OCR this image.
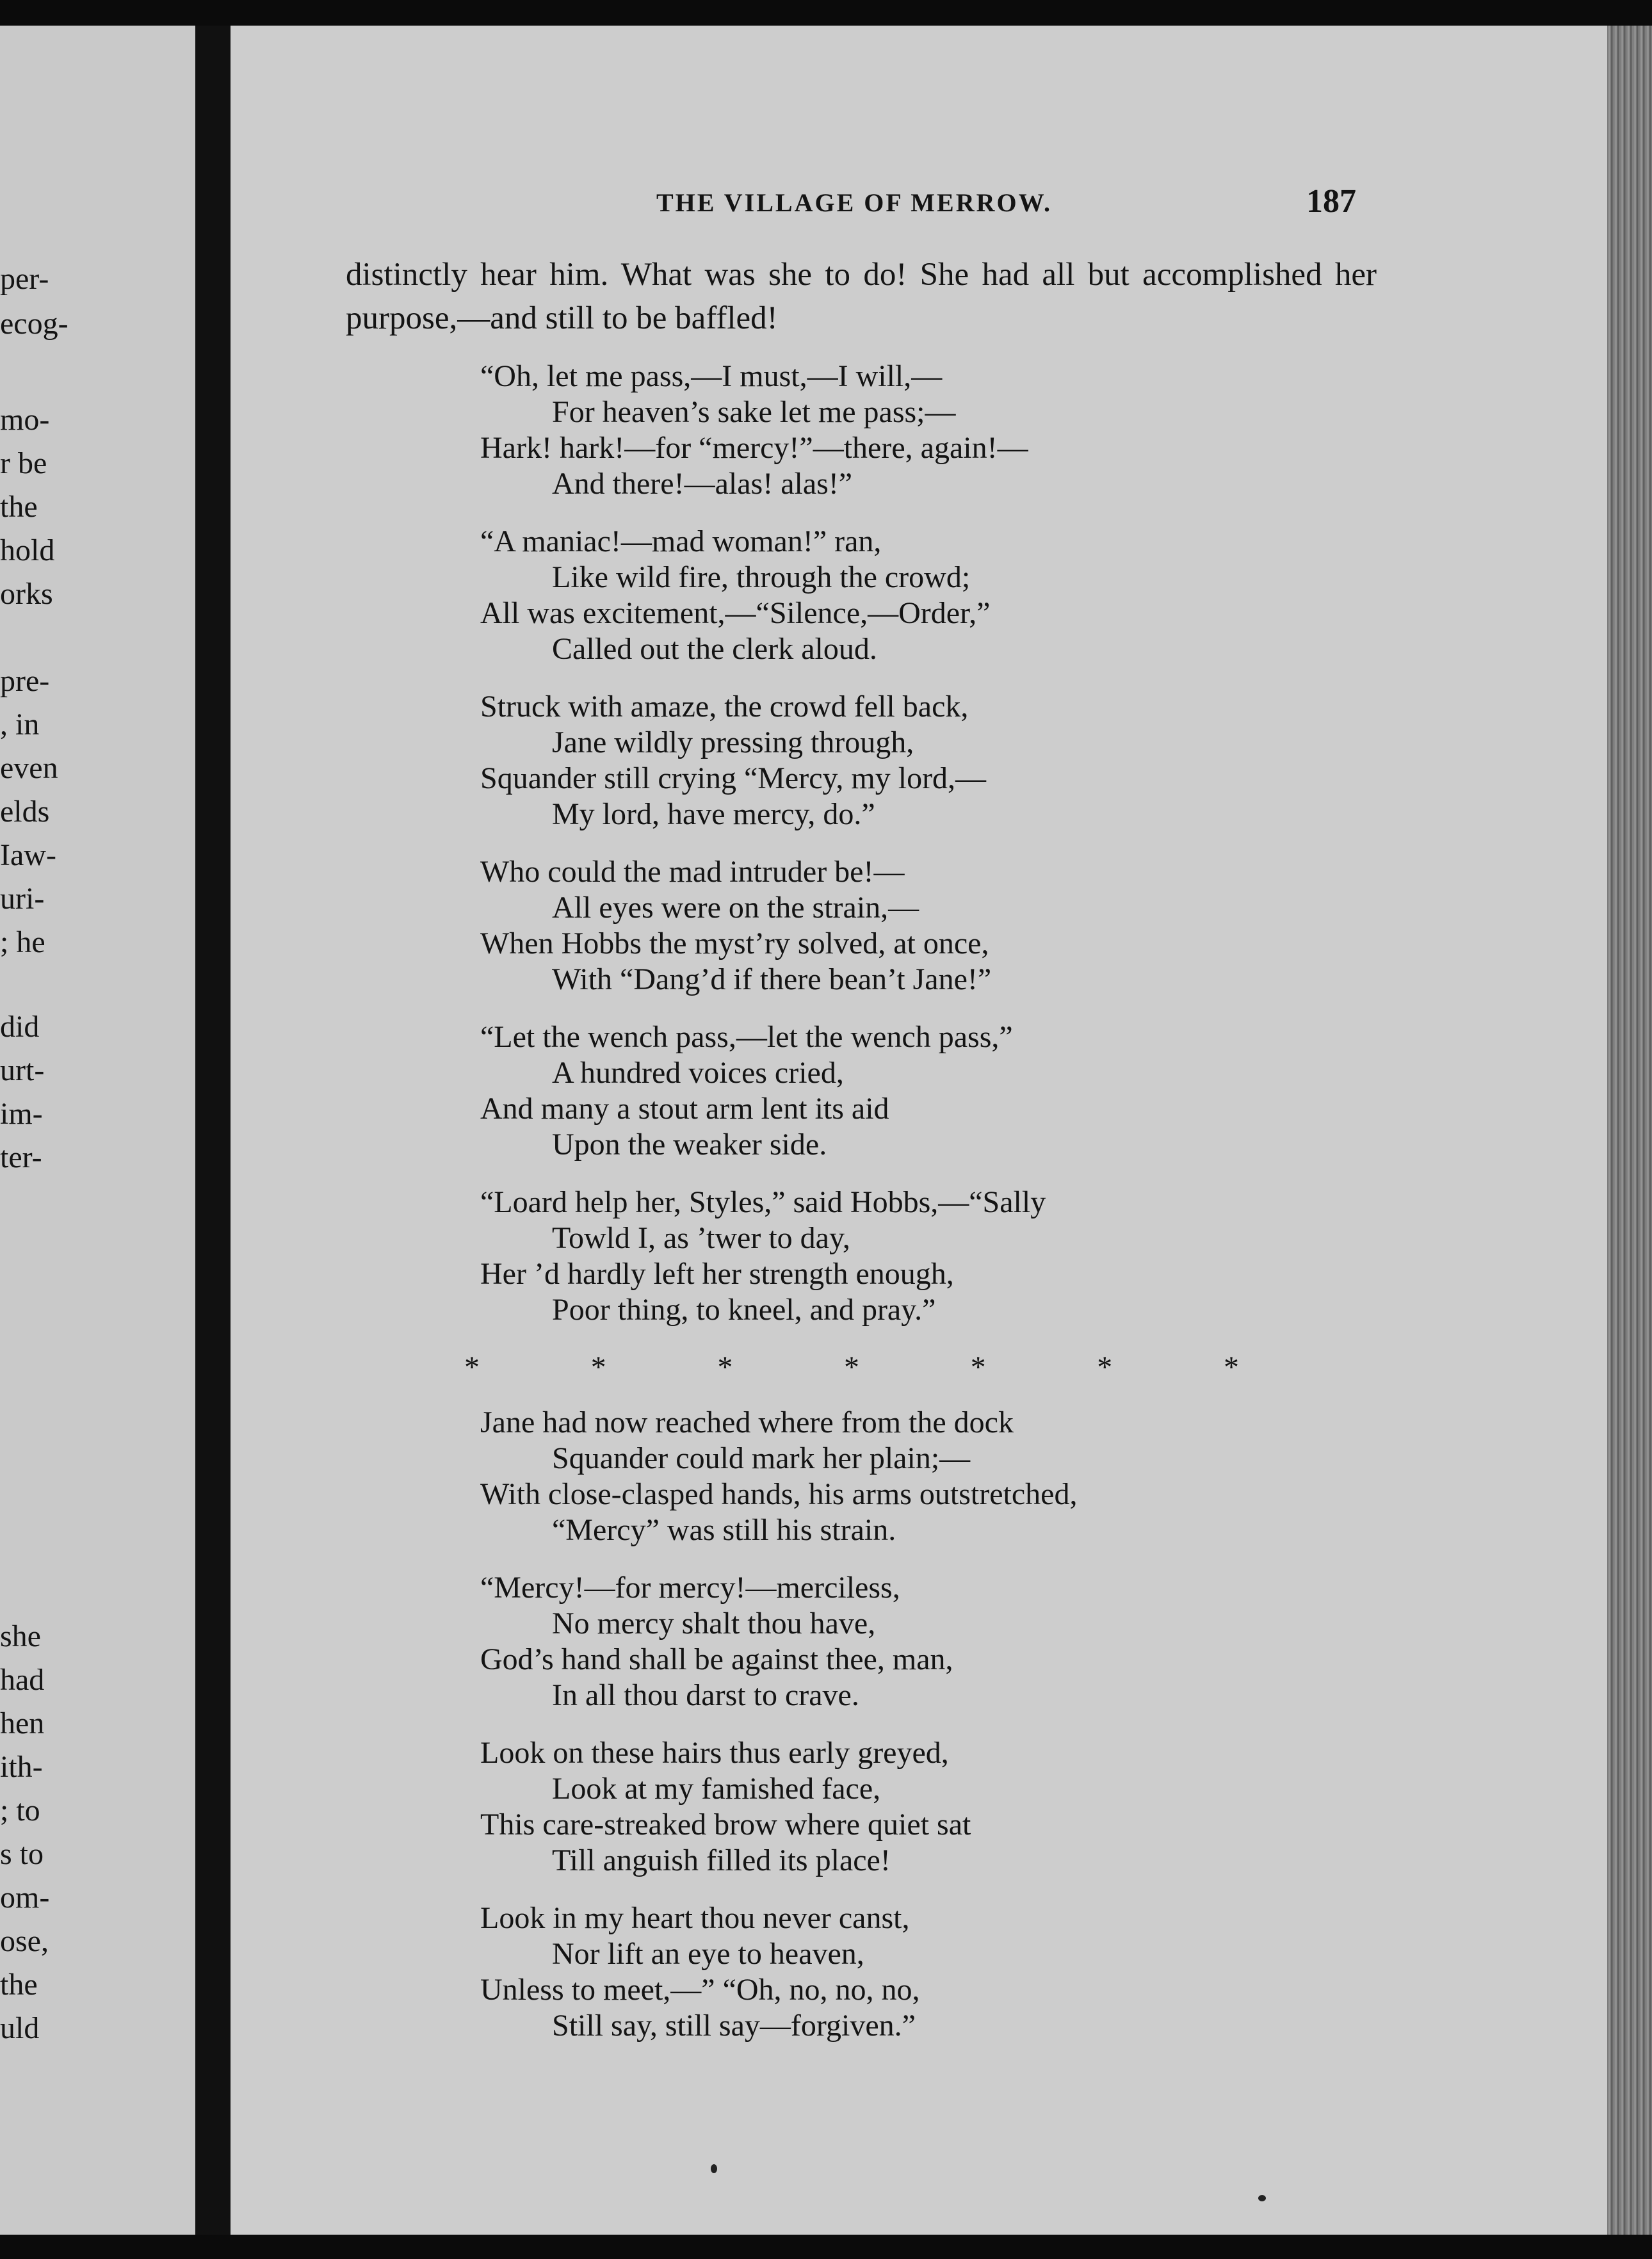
per-

ecog-

mo-

r be

the

hold

orks

pre-

, in

even

elds

Iaw-

uri-

; he

did

urt-

im-

ter-

she

had

hen

ith-

; to

s to

om-

ose,

the

uld

THE VILLAGE OF MERROW.	187

distinctly hear him. What was she to do! She had all but accomplished her purpose,—and still to be baffled!

“Oh, let me pass,—I must,—I will,—

For heaven’s sake let me pass;—

Hark! hark!—for “mercy!”—there, again!—

And there!—alas! alas!”

“A maniac!—mad woman!” ran,

Like wild fire, through the crowd;

All was excitement,—“Silence,—Order,”

Called out the clerk aloud.

Struck with amaze, the crowd fell back,

Jane wildly pressing through,

Squander still crying “Mercy, my lord,—

My lord, have mercy, do.”

Who could the mad intruder be!—

All eyes were on the strain,—

When Hobbs the myst’ry solved, at once,

With “Dang’d if there bean’t Jane!”

“Let the wench pass,—let the wench pass,”

A hundred voices cried,

And many a stout arm lent its aid

Upon the weaker side.

“Loard help her, Styles,” said Hobbs,—“Sally

Towld I, as ’twer to day,

Her ’d hardly left her strength enough,

Poor thing, to kneel, and pray.”

*	*	*	*	*	*	*

Jane had now reached where from the dock

Squander could mark her plain;—

With close-clasped hands, his arms outstretched,

“Mercy” was still his strain.

“Mercy!—for mercy!—merciless,

No mercy shalt thou have,

God’s hand shall be against thee, man,

In all thou darst to crave.

Look on these hairs thus early greyed,

Look at my famished face,

This care-streaked brow where quiet sat

Till anguish filled its place!

Look in my heart thou never canst,

Nor lift an eye to heaven,

Unless to meet,—” “Oh, no, no, no,

Still say, still say—forgiven.”
